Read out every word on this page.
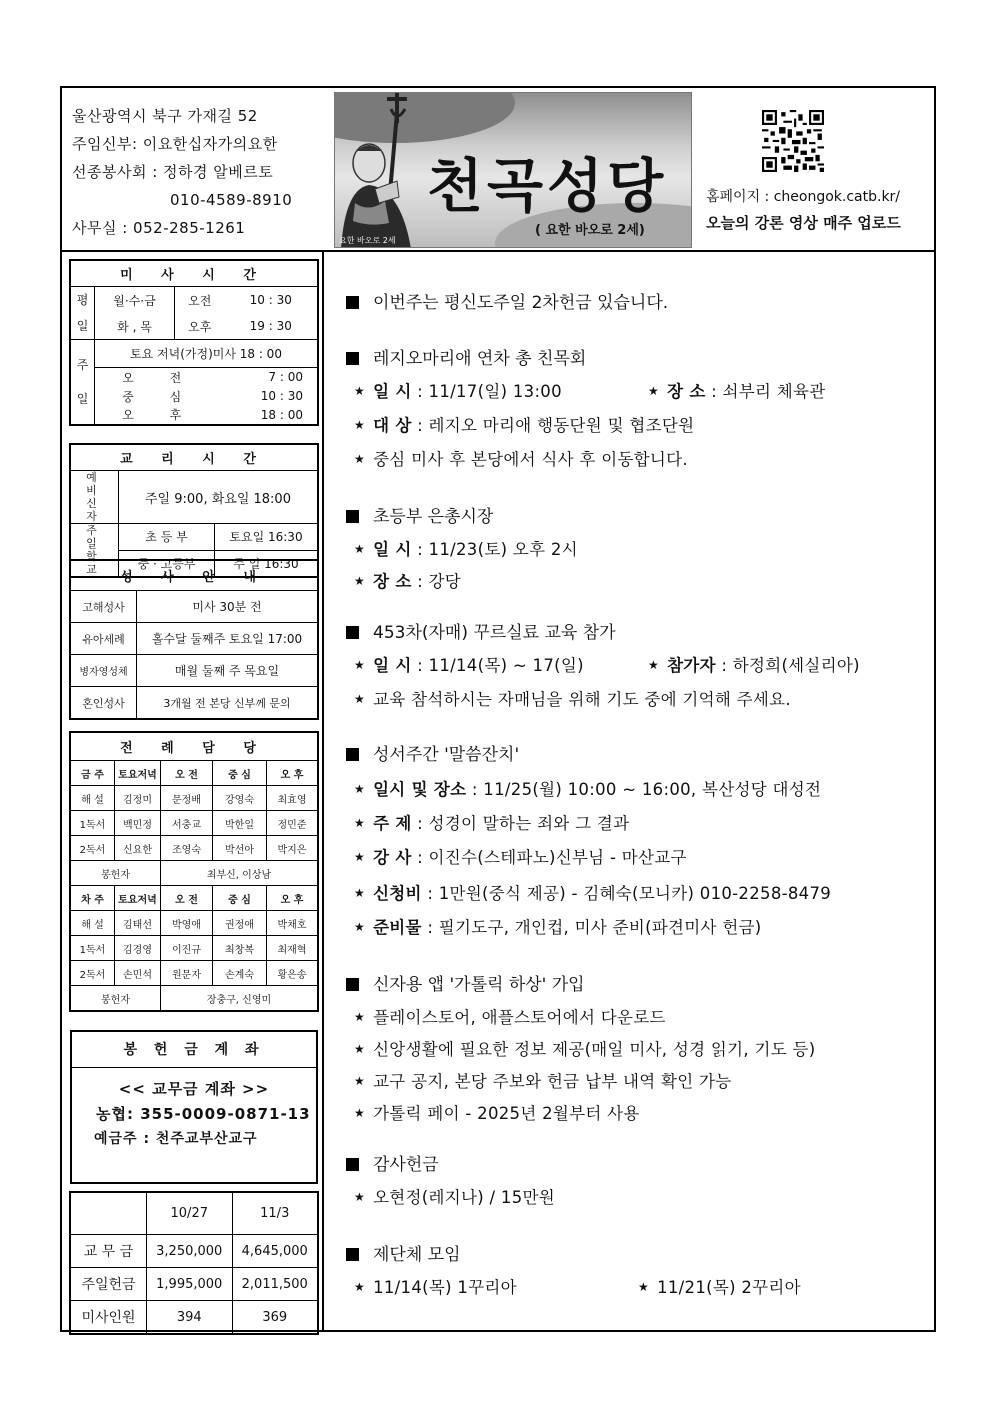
울산광역시 북구 가재길 52
주임신부: 이요한십자가의요한
선종봉사회 : 정하경 알베르토
010-4589-8910
사무실 : 052-285-1261
천곡성당
( 요한 바오로 2세)
요한 바오로 2세
홈페이지 : cheongok.catb.kr/
오늘의 강론 영상 매주 업로드
미 사 시 간			
평일	월·수·금	오전	10 : 30
	화 , 목	오후	19 : 30
주일	토요 저녁(가정)미사 18 : 00		
	오 전		7 : 00
	중 심		10 : 30
	오 후		18 : 00
교 리 시 간		
예비신자	주일 9:00, 화요일 18:00	
주일학교	초 등 부	토요일 16:30
	중 · 고등부	주 일 16:30
성 사 안 내	
고해성사	미사 30분 전
유아세례	홀수달 둘째주 토요일 17:00
병자영성체	매월 둘째 주 목요일
혼인성사	3개월 전 본당 신부께 문의
전 례 담 당				
금 주	토요저녁	오 전	중 심	오 후
해 설	김정미	문정배	강영숙	최효영
1독서	백민정	서충교	박한일	정민준
2독서	신요한	조영숙	박선아	박지은
봉헌자		최부신, 이상남		
차 주	토요저녁	오 전	중 심	오 후
해 설	김태선	박영애	권정애	박채호
1독서	김경영	이진규	최창복	최재혁
2독서	손민석	원문자	손계숙	황은송
봉헌자		장충구, 신영미		
봉 헌 금 계 좌
<< 교무금 계좌 >>
농협: 355-0009-0871-13
예금주 : 천주교부산교구
	10/27	11/3
교 무 금	3,250,000	4,645,000
주일헌금	1,995,000	2,011,500
미사인원	394	369
이번주는 평신도주일 2차헌금 있습니다.
레지오마리애 연차 총 친목회
★ 일 시 : 11/17(일) 13:00	★ 장 소 : 쇠부리 체육관
★ 대 상 : 레지오 마리애 행동단원 및 협조단원
★ 중심 미사 후 본당에서 식사 후 이동합니다.
초등부 은총시장
★ 일 시 : 11/23(토) 오후 2시
★ 장 소 : 강당
453차(자매) 꾸르실료 교육 참가
★ 일 시 : 11/14(목) ~ 17(일)	★ 참가자 : 하정희(세실리아)
★ 교육 참석하시는 자매님을 위해 기도 중에 기억해 주세요.
성서주간 '말씀잔치'
★ 일시 및 장소 : 11/25(월) 10:00 ~ 16:00, 복산성당 대성전
★ 주 제 : 성경이 말하는 죄와 그 결과
★ 강 사 : 이진수(스테파노)신부님 - 마산교구
★ 신청비 : 1만원(중식 제공) - 김혜숙(모니카) 010-2258-8479
★ 준비물 : 필기도구, 개인컵, 미사 준비(파견미사 헌금)
신자용 앱 '가톨릭 하상' 가입
★ 플레이스토어, 애플스토어에서 다운로드
★ 신앙생활에 필요한 정보 제공(매일 미사, 성경 읽기, 기도 등)
★ 교구 공지, 본당 주보와 헌금 납부 내역 확인 가능
★ 가톨릭 페이 - 2025년 2월부터 사용
감사헌금
★ 오현정(레지나) / 15만원
제단체 모임
★ 11/14(목) 1꾸리아	★ 11/21(목) 2꾸리아
